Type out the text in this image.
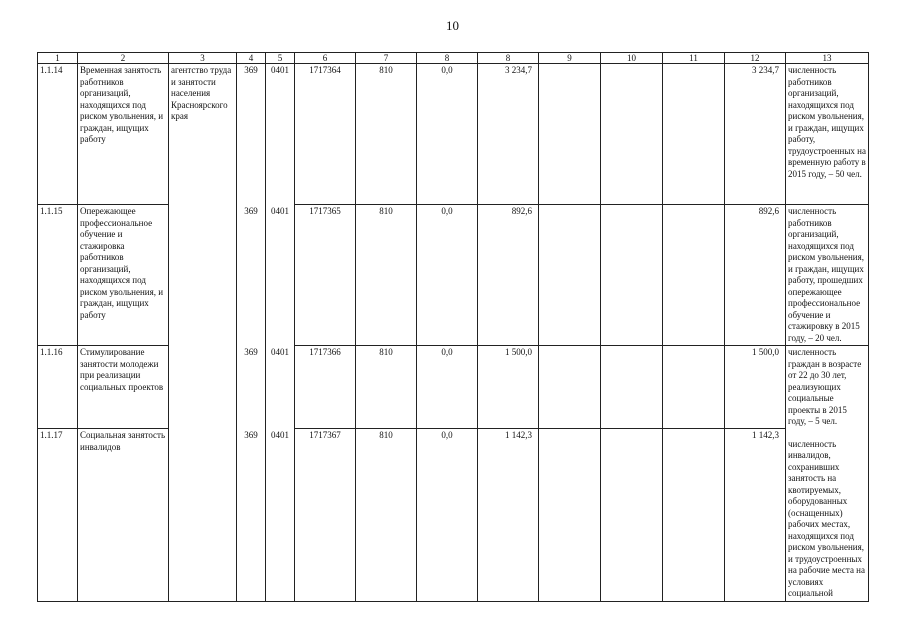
10
1	2	3	4	5	6	7	8	8	9	10	11	12	13
1.1.14	Временная занятость работников организаций, находящихся под риском увольнения, и граждан, ищущих работу	агентство труда и занятости населения Красноярского края	369	0401	1717364	810	0,0	3 234,7				3 234,7	численность работников организаций, находящихся под риском увольнения, и граждан, ищущих работу, трудоустроенных на временную работу в 2015 году, – 50 чел.
1.1.15	Опережающее профессиональное обучение и стажировка работников организаций, находящихся под риском увольнения, и граждан, ищущих работу		369	0401	1717365	810	0,0	892,6				892,6	численность работников организаций, находящихся под риском увольнения, и граждан, ищущих работу, прошедших опережающее профессиональное обучение и стажировку в 2015 году, – 20 чел.
1.1.16	Стимулирование занятости молодежи при реализации социальных проектов		369	0401	1717366	810	0,0	1 500,0				1 500,0	численность граждан в возрасте от 22 до 30 лет, реализующих социальные проекты в 2015 году, – 5 чел.
1.1.17	Социальная занятость инвалидов		369	0401	1717367	810	0,0	1 142,3				1 142,3	численность инвалидов, сохранивших занятость на квотируемых, оборудованных (оснащенных) рабочих местах, находящихся под риском увольнения, и трудоустроенных на рабочие места на условиях социальной
